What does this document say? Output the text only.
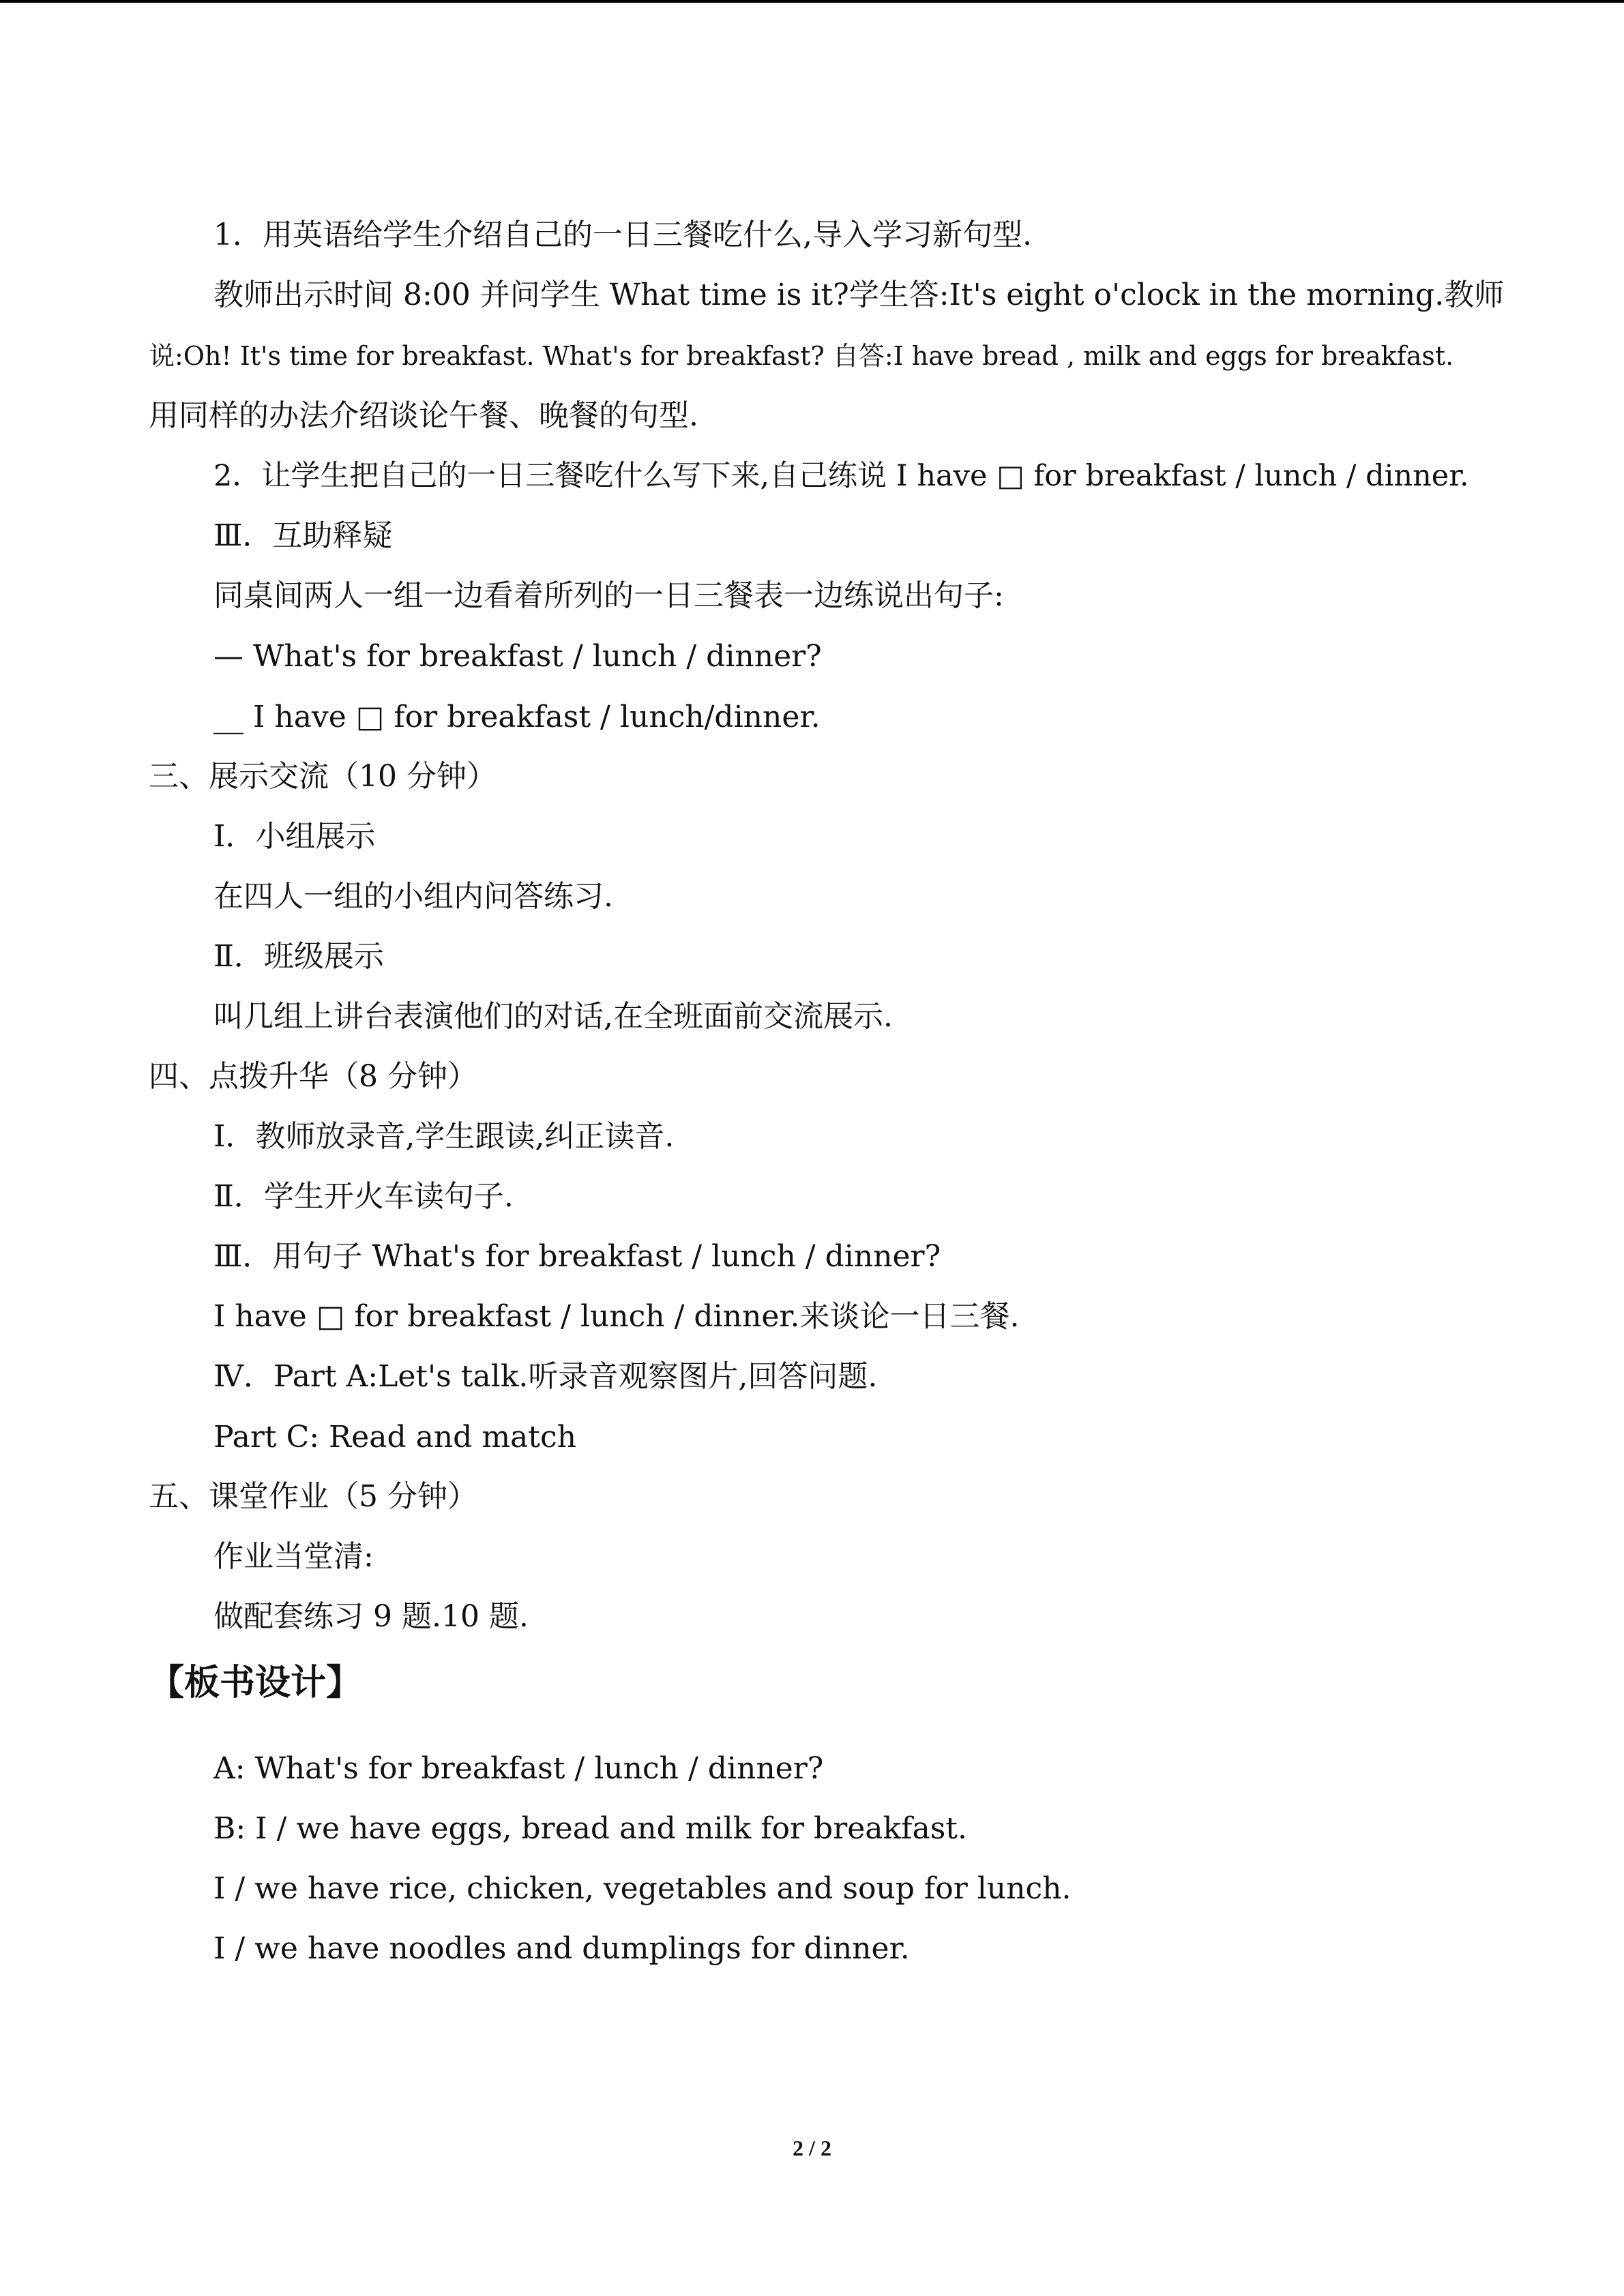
1．用英语给学生介绍自己的一日三餐吃什么,导入学习新句型.
教师出示时间 8:00 并问学生 What time is it?学生答:It's eight o'clock in the morning.教师
说:Oh! It's time for breakfast. What's for breakfast? 自答:I have bread , milk and eggs for breakfast.
用同样的办法介绍谈论午餐、晚餐的句型.
2．让学生把自己的一日三餐吃什么写下来,自己练说 I have □ for breakfast / lunch / dinner.
Ⅲ．互助释疑
同桌间两人一组一边看着所列的一日三餐表一边练说出句子:
— What's for breakfast / lunch / dinner?
__ I have □ for breakfast / lunch/dinner.
三、展示交流（10 分钟）
Ⅰ．小组展示
在四人一组的小组内问答练习.
Ⅱ．班级展示
叫几组上讲台表演他们的对话,在全班面前交流展示.
四、点拨升华（8 分钟）
Ⅰ．教师放录音,学生跟读,纠正读音.
Ⅱ．学生开火车读句子.
Ⅲ．用句子 What's for breakfast / lunch / dinner?
I have □ for breakfast / lunch / dinner.来谈论一日三餐.
Ⅳ．Part A:Let's talk.听录音观察图片,回答问题.
Part C: Read and match
五、课堂作业（5 分钟）
作业当堂清:
做配套练习 9 题.10 题.
【板书设计】
A: What's for breakfast / lunch / dinner?
B: I / we have eggs, bread and milk for breakfast.
I / we have rice, chicken, vegetables and soup for lunch.
I / we have noodles and dumplings for dinner.
2 / 2
